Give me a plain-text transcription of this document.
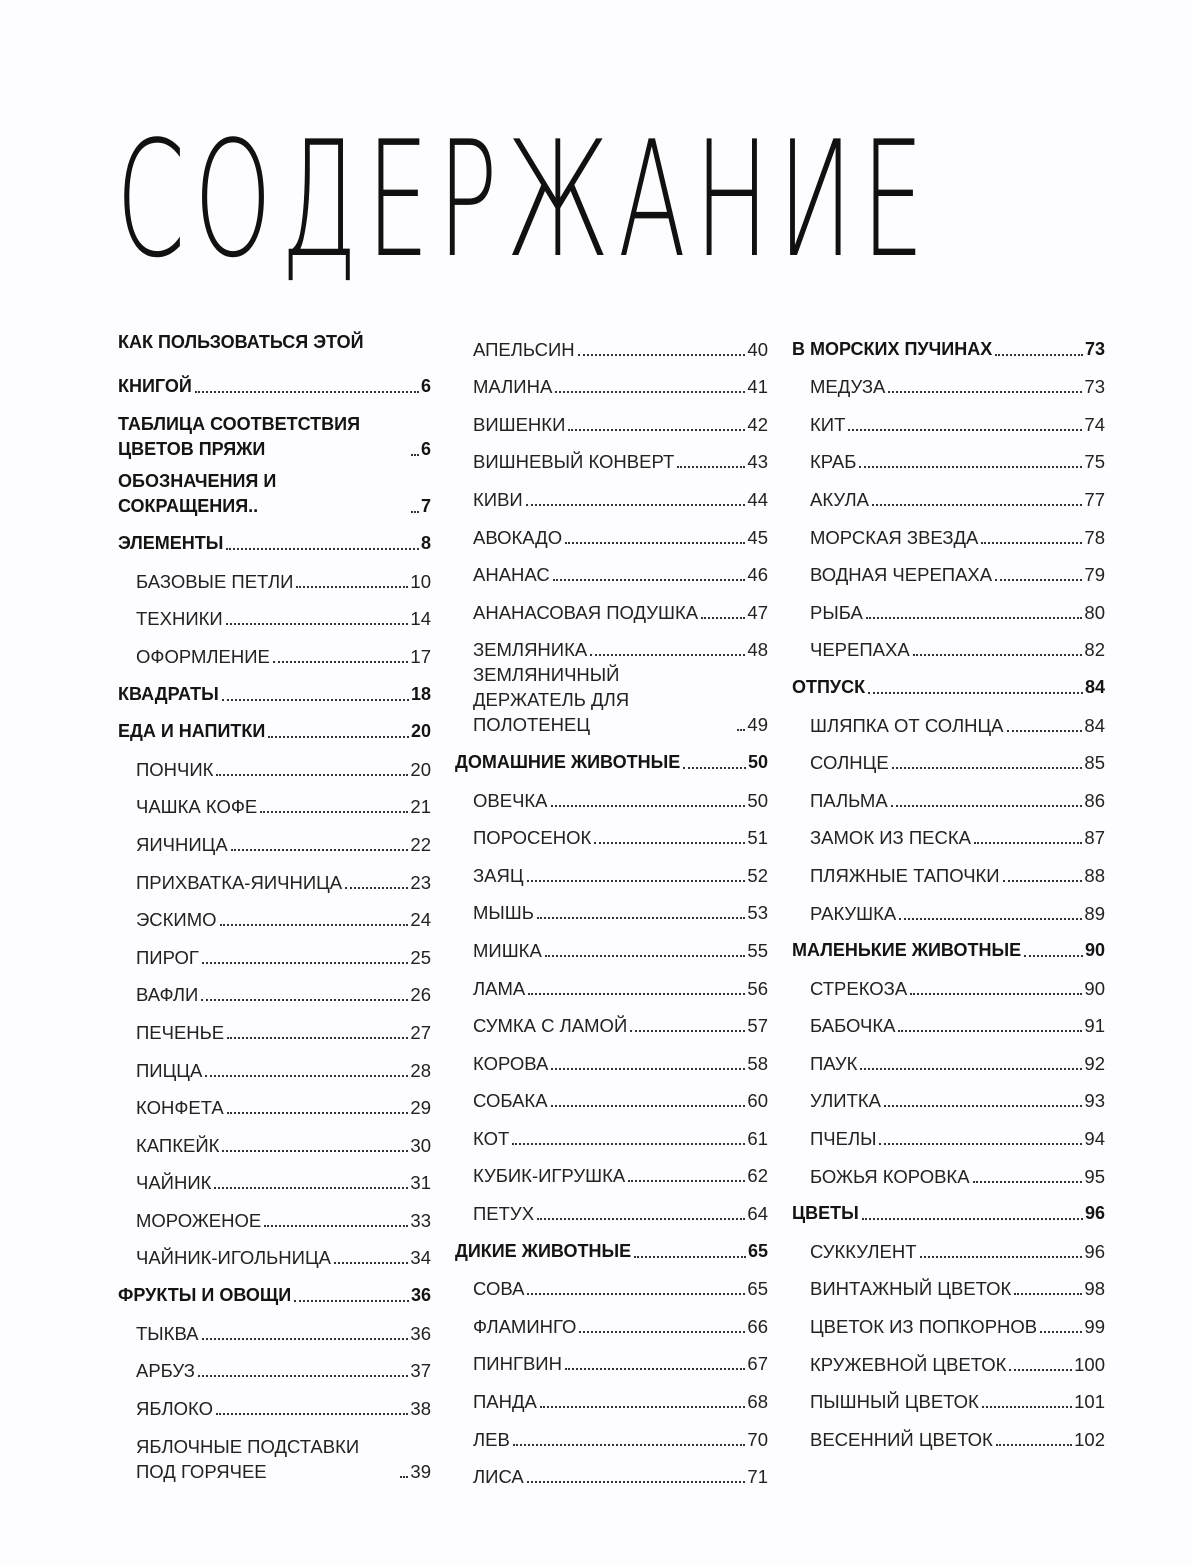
СОДЕРЖАНИЕ
КАК ПОЛЬЗОВАТЬСЯ ЭТОЙ
КНИГОЙ	6
ТАБЛИЦА СООТВЕТСТВИЯ ЦВЕТОВ ПРЯЖИ	6
ОБОЗНАЧЕНИЯ И СОКРАЩЕНИЯ..	7
ЭЛЕМЕНТЫ	8
БАЗОВЫЕ ПЕТЛИ	10
ТЕХНИКИ	14
ОФОРМЛЕНИЕ	17
КВАДРАТЫ	18
ЕДА И НАПИТКИ	20
ПОНЧИК	20
ЧАШКА КОФЕ	21
ЯИЧНИЦА	22
ПРИХВАТКА-ЯИЧНИЦА	23
ЭСКИМО	24
ПИРОГ	25
ВАФЛИ	26
ПЕЧЕНЬЕ	27
ПИЦЦА	28
КОНФЕТА	29
КАПКЕЙК	30
ЧАЙНИК	31
МОРОЖЕНОЕ	33
ЧАЙНИК-ИГОЛЬНИЦА	34
ФРУКТЫ И ОВОЩИ	36
ТЫКВА	36
АРБУЗ	37
ЯБЛОКО	38
ЯБЛОЧНЫЕ ПОДСТАВКИ ПОД ГОРЯЧЕЕ	39
АПЕЛЬСИН	40
МАЛИНА	41
ВИШЕНКИ	42
ВИШНЕВЫЙ КОНВЕРТ	43
КИВИ	44
АВОКАДО	45
АНАНАС	46
АНАНАСОВАЯ ПОДУШКА	47
ЗЕМЛЯНИКА	48
ЗЕМЛЯНИЧНЫЙ ДЕРЖАТЕЛЬ ДЛЯ ПОЛОТЕНЕЦ	49
ДОМАШНИЕ ЖИВОТНЫЕ	50
ОВЕЧКА	50
ПОРОСЕНОК	51
ЗАЯЦ	52
МЫШЬ	53
МИШКА	55
ЛАМА	56
СУМКА С ЛАМОЙ	57
КОРОВА	58
СОБАКА	60
КОТ	61
КУБИК-ИГРУШКА	62
ПЕТУХ	64
ДИКИЕ ЖИВОТНЫЕ	65
СОВА	65
ФЛАМИНГО	66
ПИНГВИН	67
ПАНДА	68
ЛЕВ	70
ЛИСА	71
В МОРСКИХ ПУЧИНАХ	73
МЕДУЗА	73
КИТ	74
КРАБ	75
АКУЛА	77
МОРСКАЯ ЗВЕЗДА	78
ВОДНАЯ ЧЕРЕПАХА	79
РЫБА	80
ЧЕРЕПАХА	82
ОТПУСК	84
ШЛЯПКА ОТ СОЛНЦА	84
СОЛНЦЕ	85
ПАЛЬМА	86
ЗАМОК ИЗ ПЕСКА	87
ПЛЯЖНЫЕ ТАПОЧКИ	88
РАКУШКА	89
МАЛЕНЬКИЕ ЖИВОТНЫЕ	90
СТРЕКОЗА	90
БАБОЧКА	91
ПАУК	92
УЛИТКА	93
ПЧЕЛЫ	94
БОЖЬЯ КОРОВКА	95
ЦВЕТЫ	96
СУККУЛЕНТ	96
ВИНТАЖНЫЙ ЦВЕТОК	98
ЦВЕТОК ИЗ ПОПКОРНОВ	99
КРУЖЕВНОЙ ЦВЕТОК	100
ПЫШНЫЙ ЦВЕТОК	101
ВЕСЕННИЙ ЦВЕТОК	102
